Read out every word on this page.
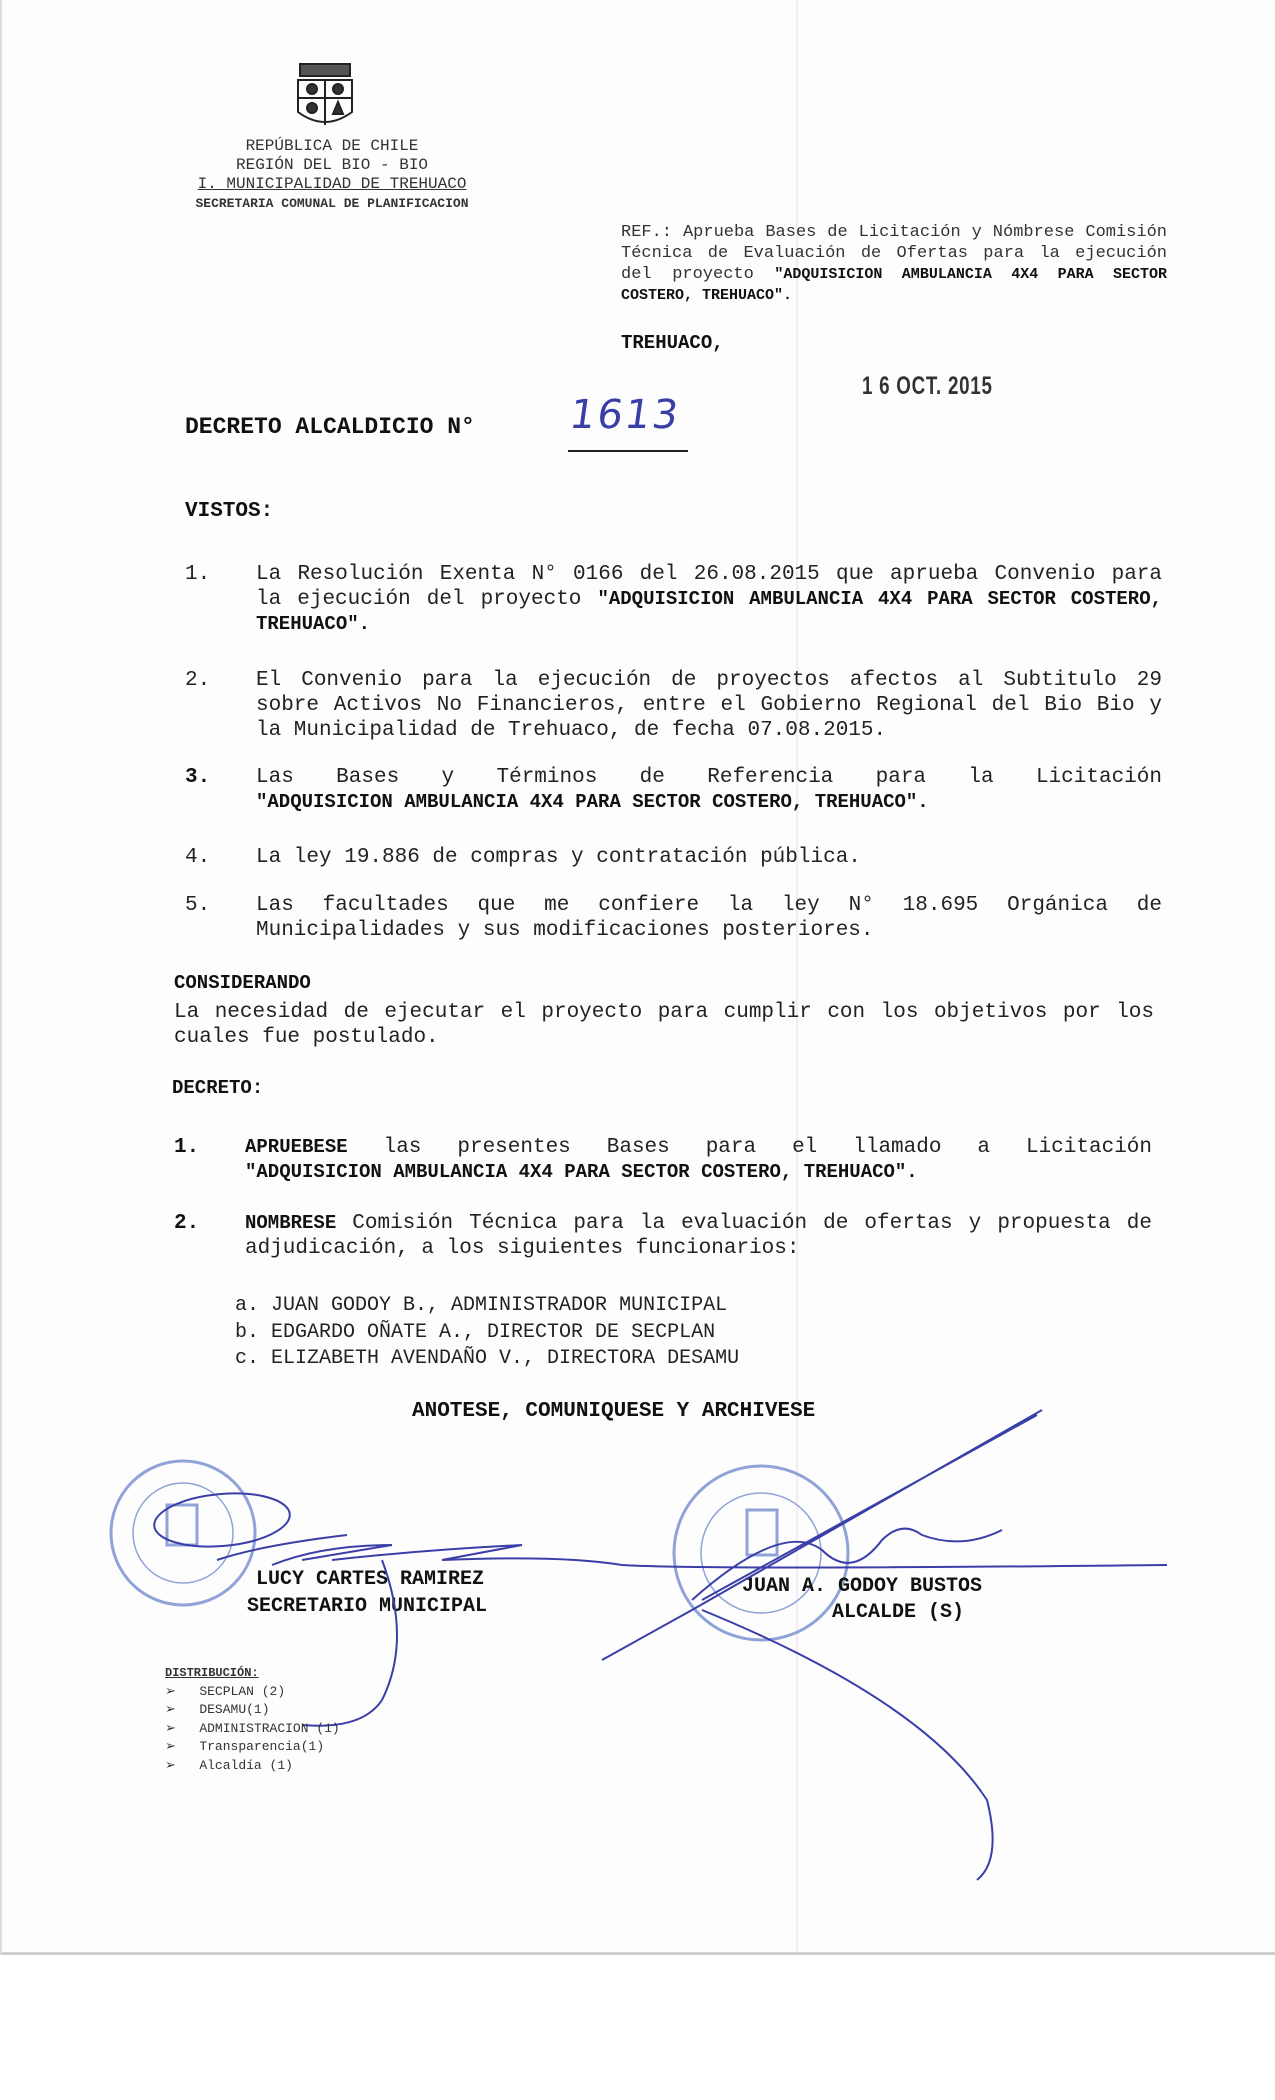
REPÚBLICA DE CHILE
REGIÓN DEL BIO - BIO
I. MUNICIPALIDAD DE TREHUACO
SECRETARIA COMUNAL DE PLANIFICACION
REF.: Aprueba Bases de Licitación y Nómbrese Comisión Técnica de Evaluación de Ofertas para la ejecución del proyecto "ADQUISICION AMBULANCIA 4X4 PARA SECTOR COSTERO, TREHUACO".
TREHUACO,
1 6 OCT. 2015
DECRETO ALCALDICIO N° 1613
VISTOS:
1. La Resolución Exenta N° 0166 del 26.08.2015 que aprueba Convenio para la ejecución del proyecto "ADQUISICION AMBULANCIA 4X4 PARA SECTOR COSTERO, TREHUACO".
2. El Convenio para la ejecución de proyectos afectos al Subtitulo 29 sobre Activos No Financieros, entre el Gobierno Regional del Bio Bio y la Municipalidad de Trehuaco, de fecha 07.08.2015.
3. Las Bases y Términos de Referencia para la Licitación
"ADQUISICION AMBULANCIA 4X4 PARA SECTOR COSTERO, TREHUACO".
4. La ley 19.886 de compras y contratación pública.
5. Las facultades que me confiere la ley N° 18.695 Orgánica de Municipalidades y sus modificaciones posteriores.
CONSIDERANDO
La necesidad de ejecutar el proyecto para cumplir con los objetivos por los cuales fue postulado.
DECRETO:
1. APRUEBESE las presentes Bases para el llamado a Licitación
"ADQUISICION AMBULANCIA 4X4 PARA SECTOR COSTERO, TREHUACO".
2. NOMBRESE Comisión Técnica para la evaluación de ofertas y propuesta de adjudicación, a los siguientes funcionarios:
a. JUAN GODOY B., ADMINISTRADOR MUNICIPAL
b. EDGARDO OÑATE A., DIRECTOR DE SECPLAN
c. ELIZABETH AVENDAÑO V., DIRECTORA DESAMU
ANOTESE, COMUNIQUESE Y ARCHIVESE
LUCY CARTES RAMIREZ
SECRETARIO MUNICIPAL
JUAN A. GODOY BUSTOS
ALCALDE (S)
DISTRIBUCIÓN:
➢ SECPLAN (2)
➢ DESAMU(1)
➢ ADMINISTRACION (1)
➢ Transparencia(1)
➢ Alcaldía (1)
